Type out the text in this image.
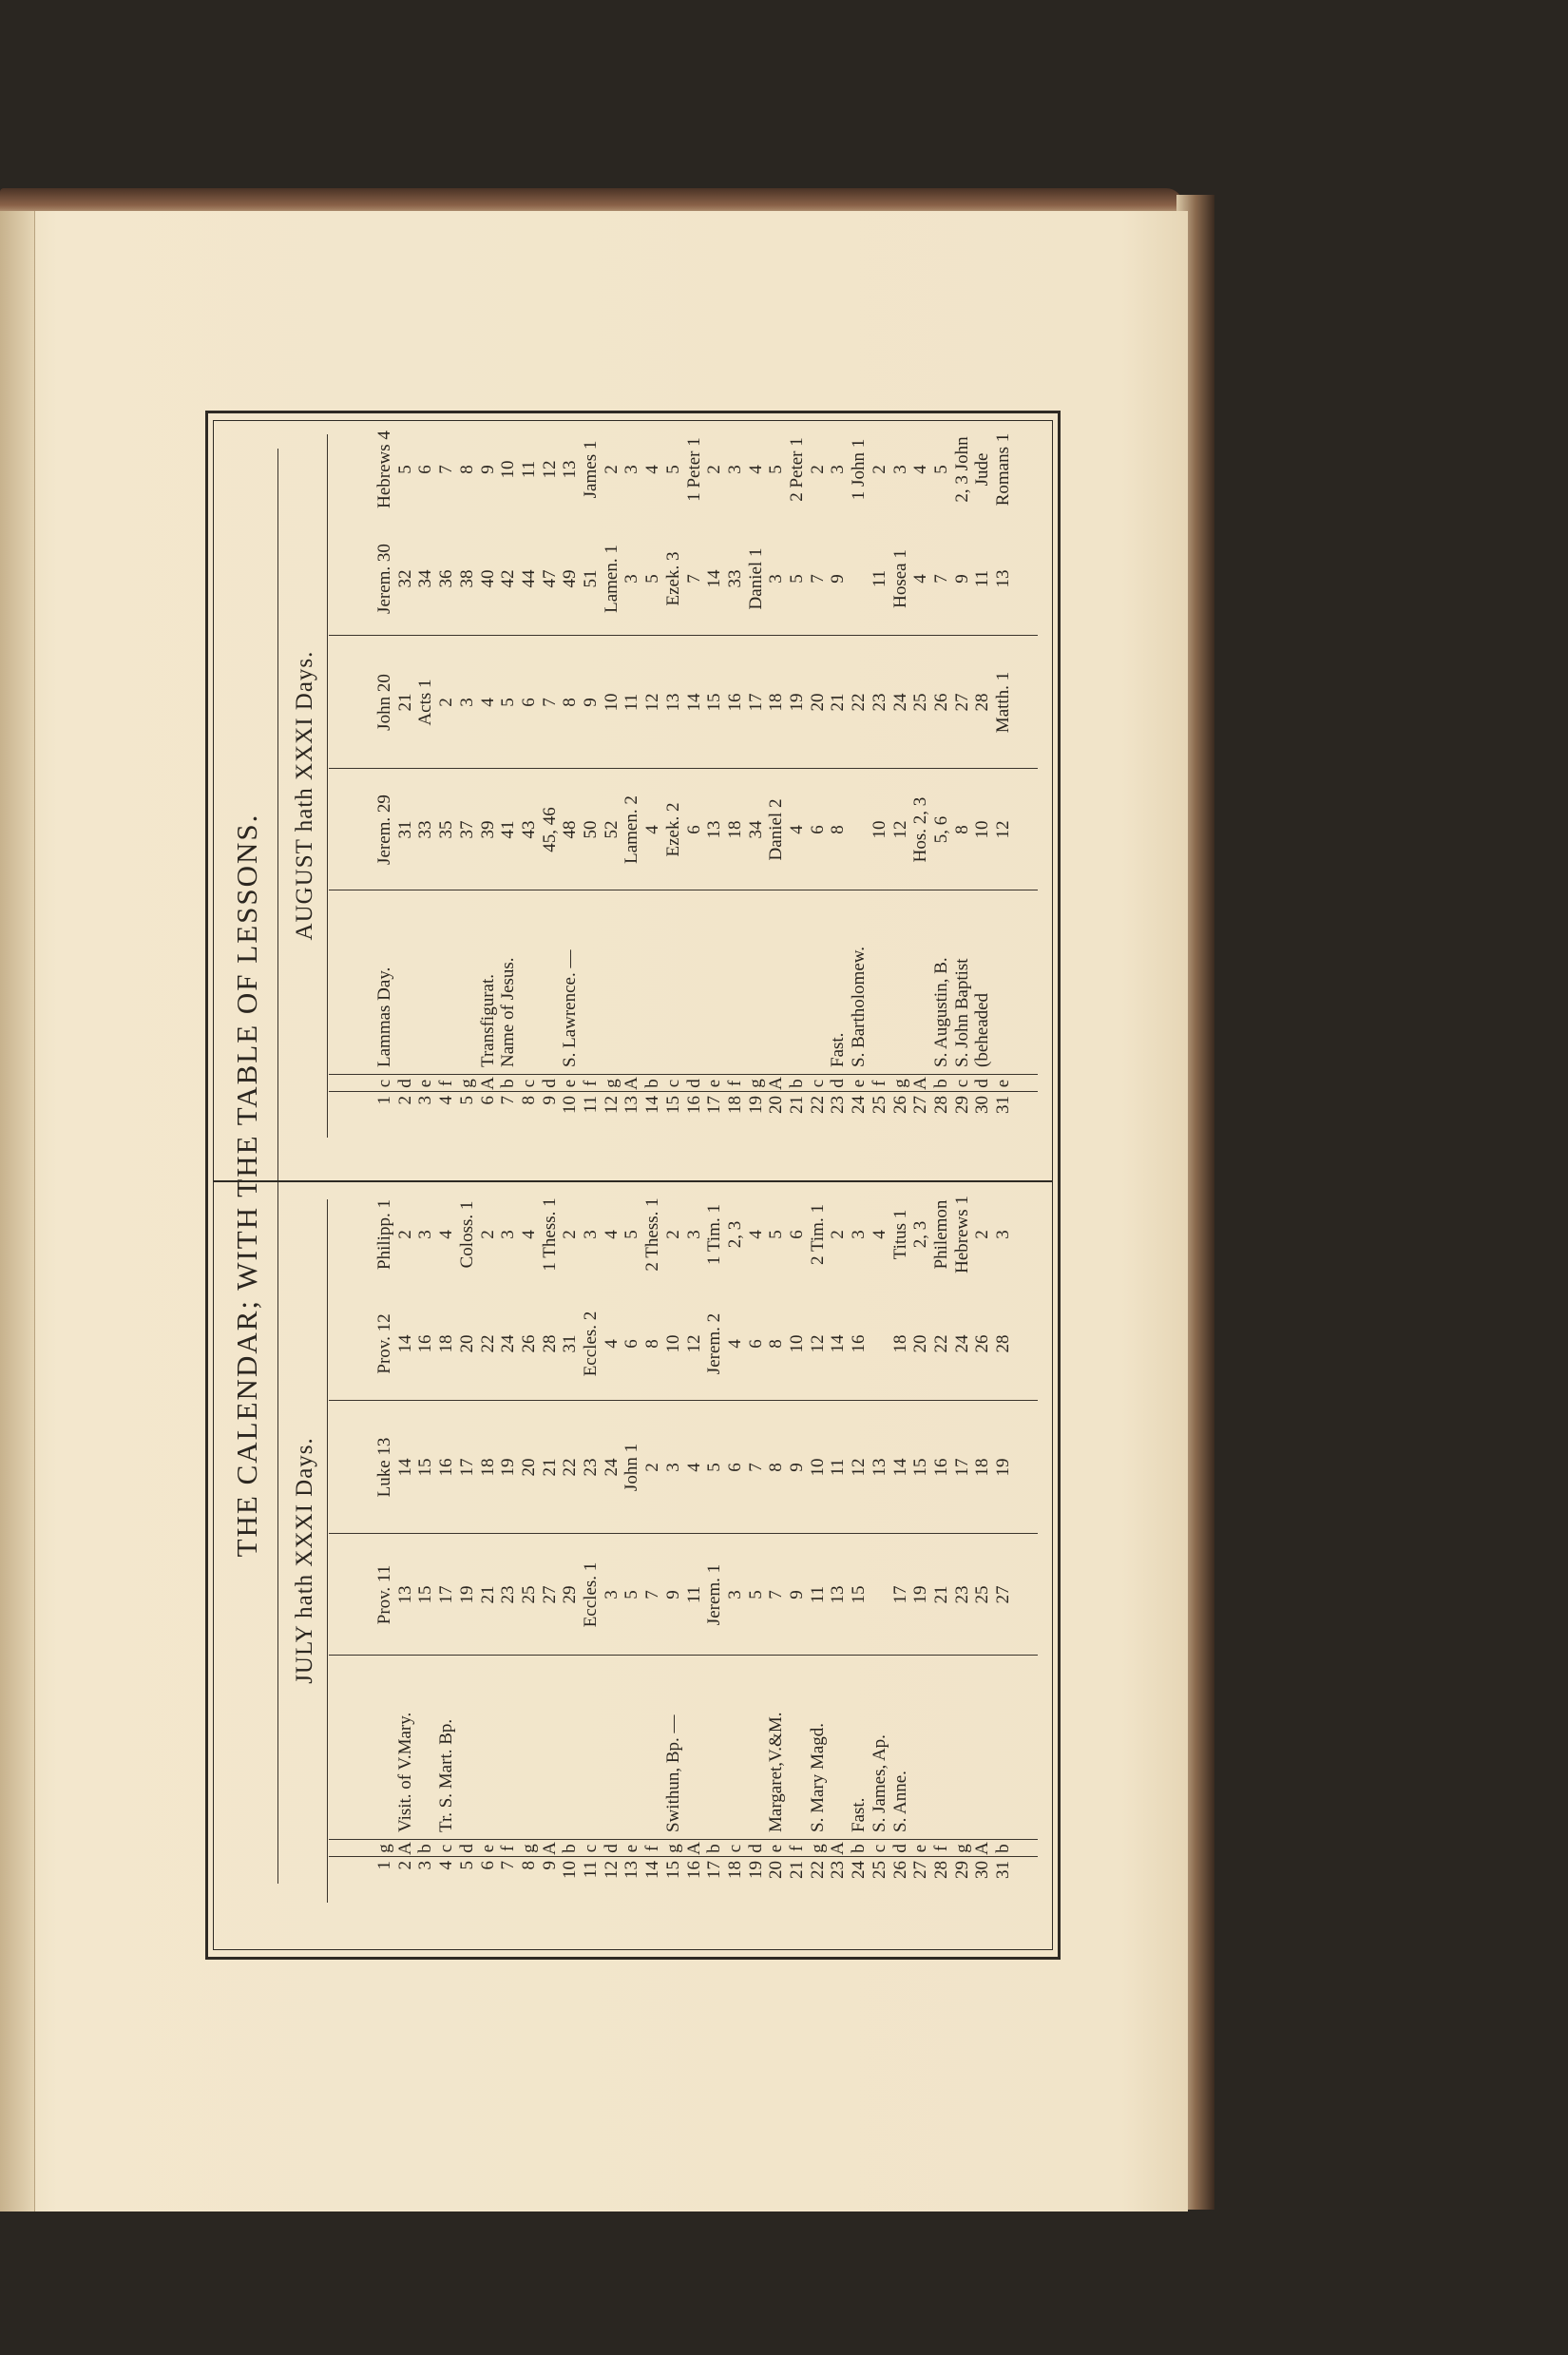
THE CALENDAR; WITH THE TABLE OF LESSONS.
JULY hath XXXI Days.
1
g
Prov. 11
Luke 13
Prov. 12
Philipp. 1
2
A
Visit. of V.Mary.
13
14
14
2
3
b
15
15
16
3
4
c
Tr. S. Mart. Bp.
17
16
18
4
5
d
19
17
20
Coloss. 1
6
e
21
18
22
2
7
f
23
19
24
3
8
g
25
20
26
4
9
A
27
21
28
1 Thess. 1
10
b
29
22
31
2
11
c
Eccles. 1
23
Eccles. 2
3
12
d
3
24
4
4
13
e
5
John 1
6
5
14
f
7
2
8
2 Thess. 1
15
g
Swithun, Bp. —
9
3
10
2
16
A
11
4
12
3
17
b
Jerem. 1
5
Jerem. 2
1 Tim. 1
18
c
3
6
4
2, 3
19
d
5
7
6
4
20
e
Margaret,V.&M.
7
8
8
5
21
f
9
9
10
6
22
g
S. Mary Magd.
11
10
12
2 Tim. 1
23
A
13
11
14
2
24
b
Fast.
15
12
16
3
25
c
S. James, Ap.
13
4
26
d
S. Anne.
17
14
18
Titus 1
27
e
19
15
20
2, 3
28
f
21
16
22
Philemon
29
g
23
17
24
Hebrews 1
30
A
25
18
26
2
31
b
27
19
28
3
AUGUST hath XXXI Days.
1
c
Lammas Day.
Jerem. 29
John 20
Jerem. 30
Hebrews 4
2
d
31
21
32
5
3
e
33
Acts 1
34
6
4
f
35
2
36
7
5
g
37
3
38
8
6
A
Transfigurat.
39
4
40
9
7
b
Name of Jesus.
41
5
42
10
8
c
43
6
44
11
9
d
45, 46
7
47
12
10
e
S. Lawrence. —
48
8
49
13
11
f
50
9
51
James 1
12
g
52
10
Lamen. 1
2
13
A
Lamen. 2
11
3
3
14
b
4
12
5
4
15
c
Ezek. 2
13
Ezek. 3
5
16
d
6
14
7
1 Peter 1
17
e
13
15
14
2
18
f
18
16
33
3
19
g
34
17
Daniel 1
4
20
A
Daniel 2
18
3
5
21
b
4
19
5
2 Peter 1
22
c
6
20
7
2
23
d
Fast.
8
21
9
3
24
e
S. Bartholomew.
22
1 John 1
25
f
10
23
11
2
26
g
12
24
Hosea 1
3
27
A
Hos. 2, 3
25
4
4
28
b
S. Augustin, B.
5, 6
26
7
5
29
c
S. John Baptist
8
27
9
2, 3 John
30
d
(beheaded
10
28
11
Jude
31
e
12
Matth. 1
13
Romans 1
